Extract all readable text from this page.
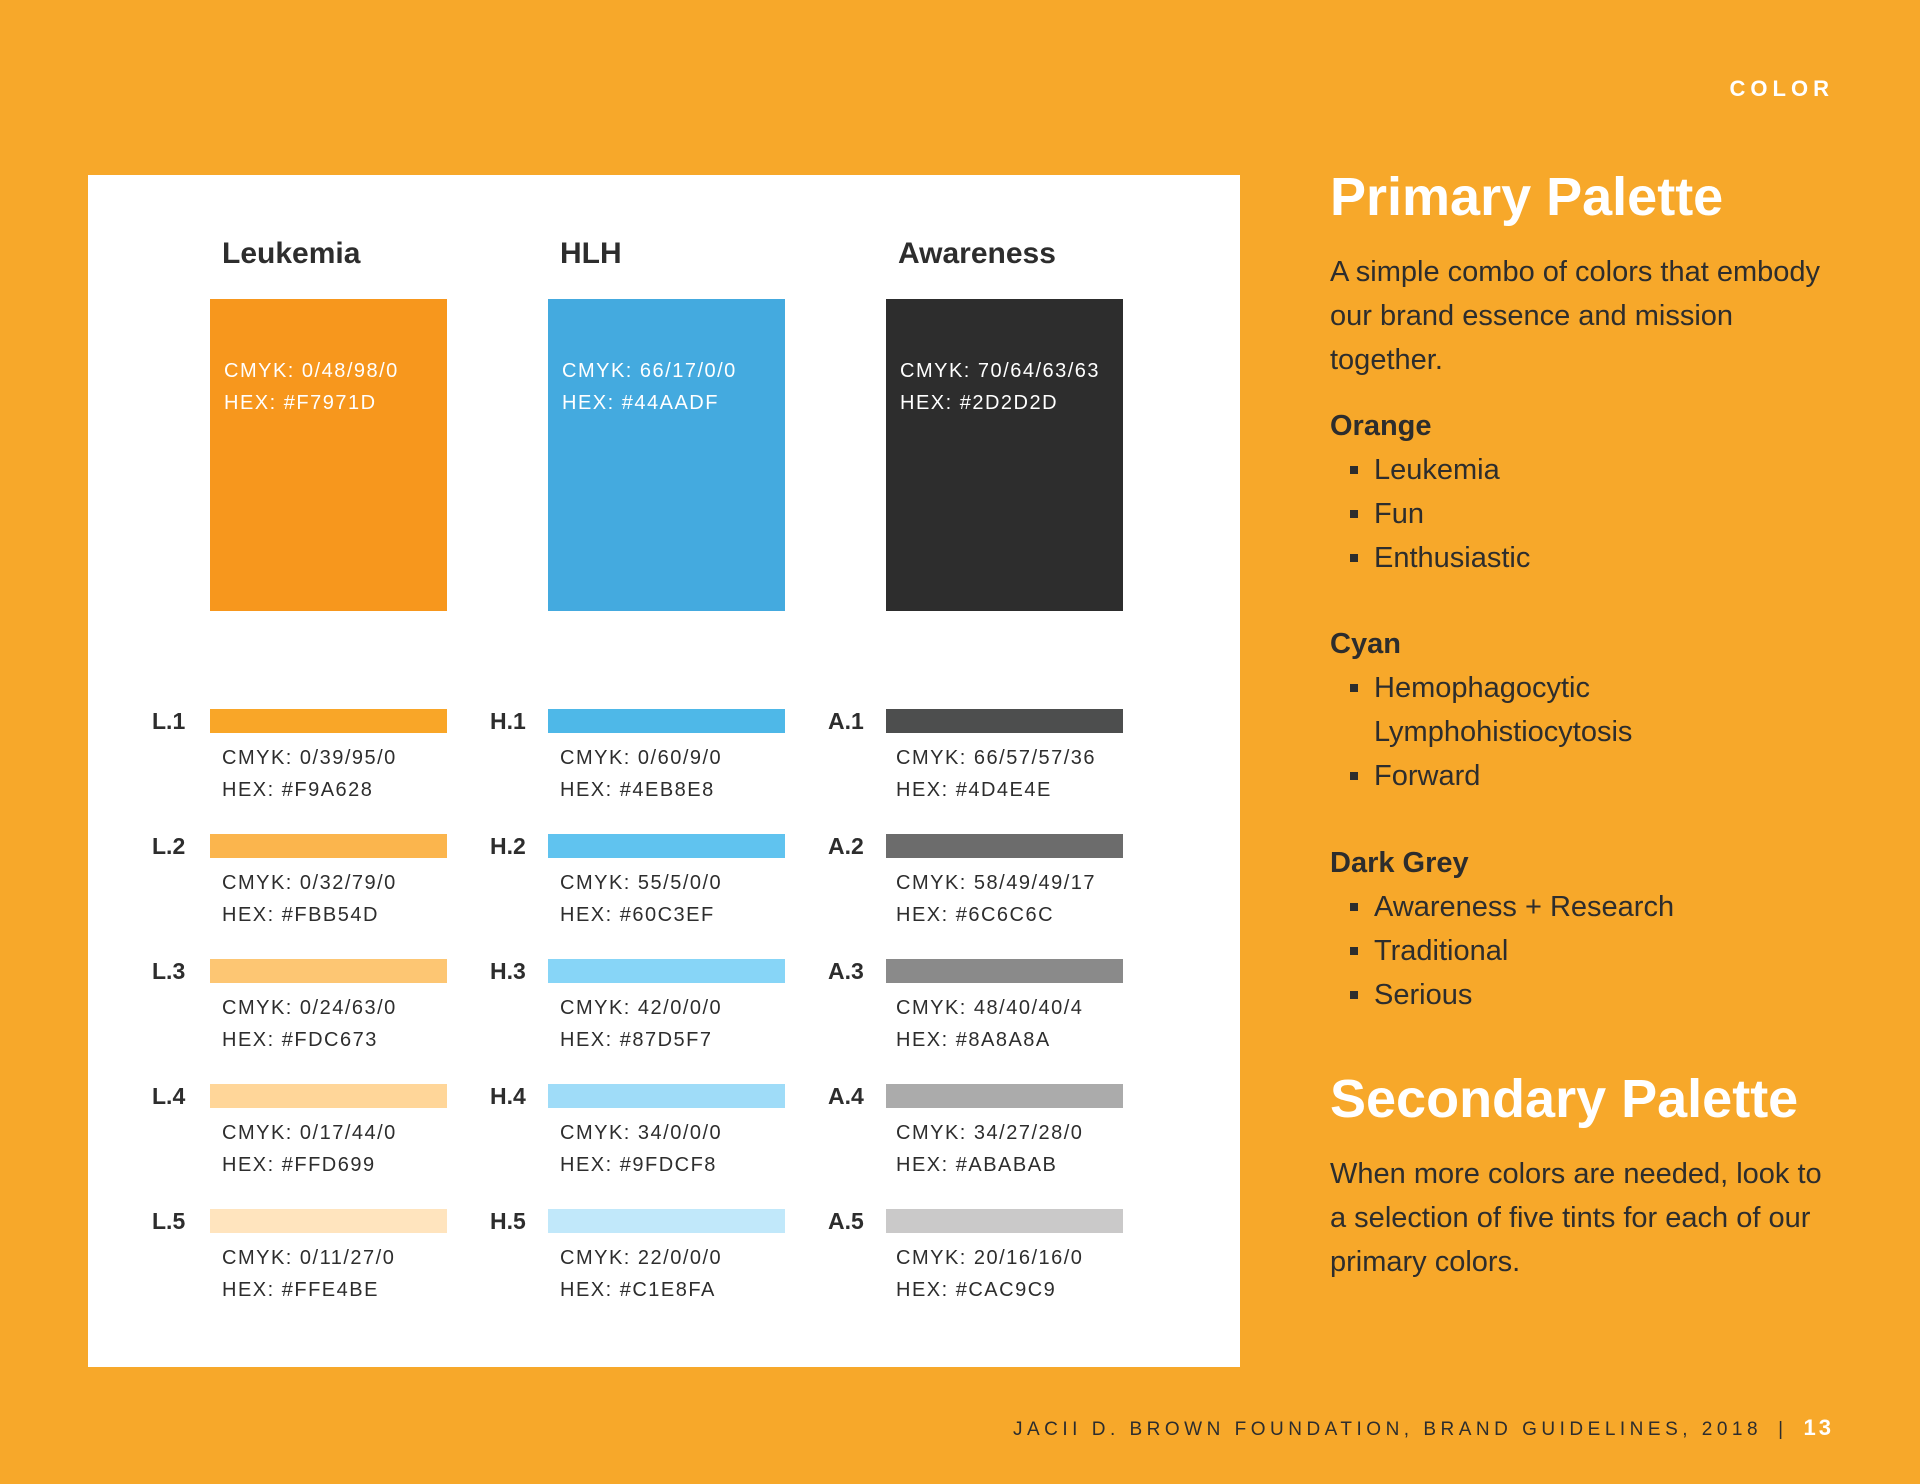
COLOR
Leukemia	HLH	Awareness
CMYK: 0/48/98/0
HEX: #F7971D
CMYK: 66/17/0/0
HEX: #44AADF
CMYK: 70/64/63/63
HEX: #2D2D2D
L.1
CMYK: 0/39/95/0
HEX: #F9A628
L.2
CMYK: 0/32/79/0
HEX: #FBB54D
L.3
CMYK: 0/24/63/0
HEX: #FDC673
L.4
CMYK: 0/17/44/0
HEX: #FFD699
L.5
CMYK: 0/11/27/0
HEX: #FFE4BE
H.1
CMYK: 0/60/9/0
HEX: #4EB8E8
H.2
CMYK: 55/5/0/0
HEX: #60C3EF
H.3
CMYK: 42/0/0/0
HEX: #87D5F7
H.4
CMYK: 34/0/0/0
HEX: #9FDCF8
H.5
CMYK: 22/0/0/0
HEX: #C1E8FA
A.1
CMYK: 66/57/57/36
HEX: #4D4E4E
A.2
CMYK: 58/49/49/17
HEX: #6C6C6C
A.3
CMYK: 48/40/40/4
HEX: #8A8A8A
A.4
CMYK: 34/27/28/0
HEX: #ABABAB
A.5
CMYK: 20/16/16/0
HEX: #CAC9C9
Primary Palette
A simple combo of colors that embody our brand essence and mission together.
Orange
Leukemia
Fun
Enthusiastic
Cyan
Hemophagocytic Lymphohistiocytosis
Forward
Dark Grey
Awareness + Research
Traditional
Serious
Secondary Palette
When more colors are needed, look to a selection of five tints for each of our primary colors.
JACII D. BROWN FOUNDATION, BRAND GUIDELINES, 2018 | 13
